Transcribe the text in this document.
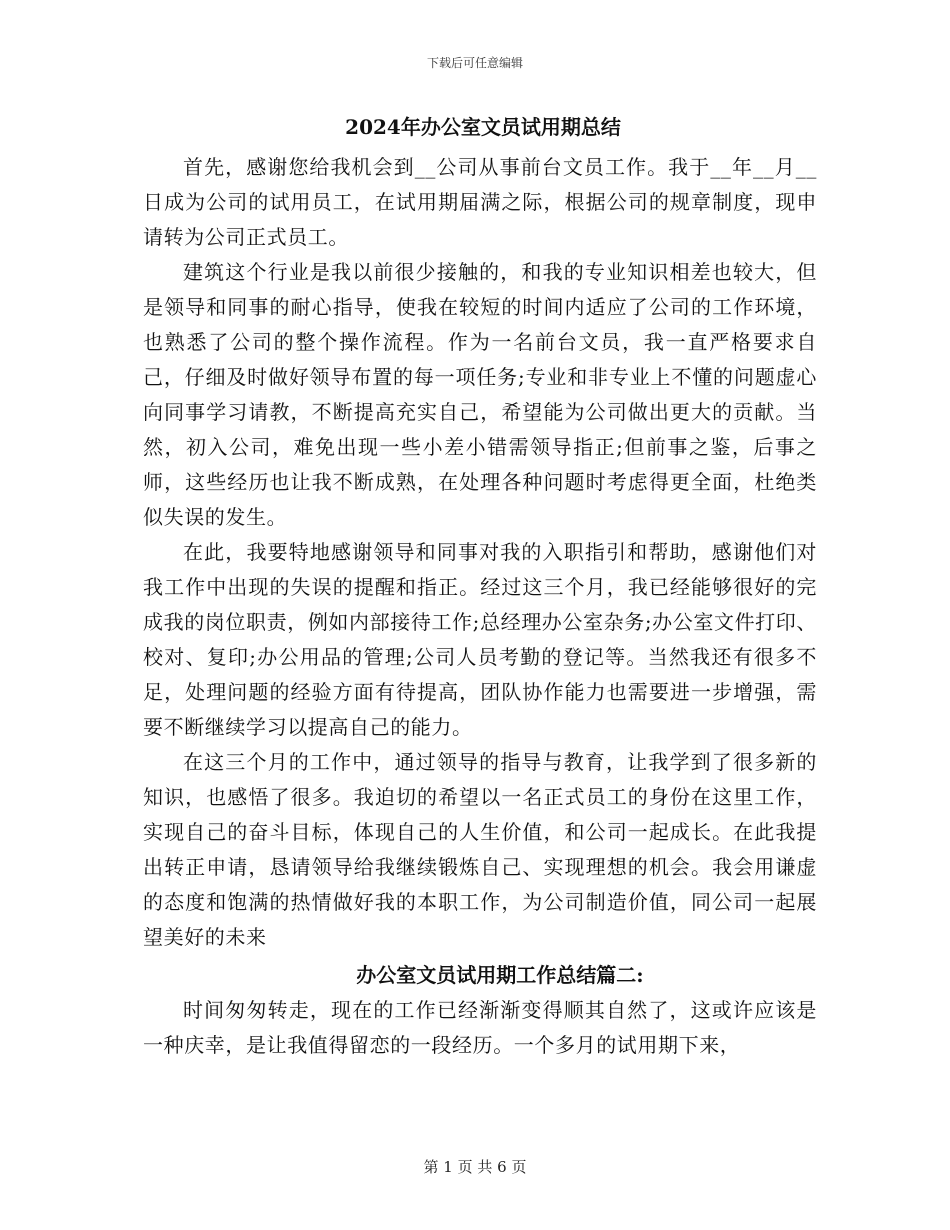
下载后可任意编辑
2024年办公室文员试用期总结

首先，感谢您给我机会到__公司从事前台文员工作。我于__年__月__日成为公司的试用员工，在试用期届满之际，根据公司的规章制度，现申请转为公司正式员工。

建筑这个行业是我以前很少接触的，和我的专业知识相差也较大，但是领导和同事的耐心指导，使我在较短的时间内适应了公司的工作环境，也熟悉了公司的整个操作流程。作为一名前台文员，我一直严格要求自己，仔细及时做好领导布置的每一项任务;专业和非专业上不懂的问题虚心向同事学习请教，不断提高充实自己，希望能为公司做出更大的贡献。当然，初入公司，难免出现一些小差小错需领导指正;但前事之鉴，后事之师，这些经历也让我不断成熟，在处理各种问题时考虑得更全面，杜绝类似失误的发生。

在此，我要特地感谢领导和同事对我的入职指引和帮助，感谢他们对我工作中出现的失误的提醒和指正。经过这三个月，我已经能够很好的完成我的岗位职责，例如内部接待工作;总经理办公室杂务;办公室文件打印、校对、复印;办公用品的管理;公司人员考勤的登记等。当然我还有很多不足，处理问题的经验方面有待提高，团队协作能力也需要进一步增强，需要不断继续学习以提高自己的能力。

在这三个月的工作中，通过领导的指导与教育，让我学到了很多新的知识，也感悟了很多。我迫切的希望以一名正式员工的身份在这里工作，实现自己的奋斗目标，体现自己的人生价值，和公司一起成长。在此我提出转正申请，恳请领导给我继续锻炼自己、实现理想的机会。我会用谦虚的态度和饱满的热情做好我的本职工作，为公司制造价值，同公司一起展望美好的未来

办公室文员试用期工作总结篇二:

时间匆匆转走，现在的工作已经渐渐变得顺其自然了，这或许应该是一种庆幸，是让我值得留恋的一段经历。一个多月的试用期下来，

第 1 页 共 6 页
